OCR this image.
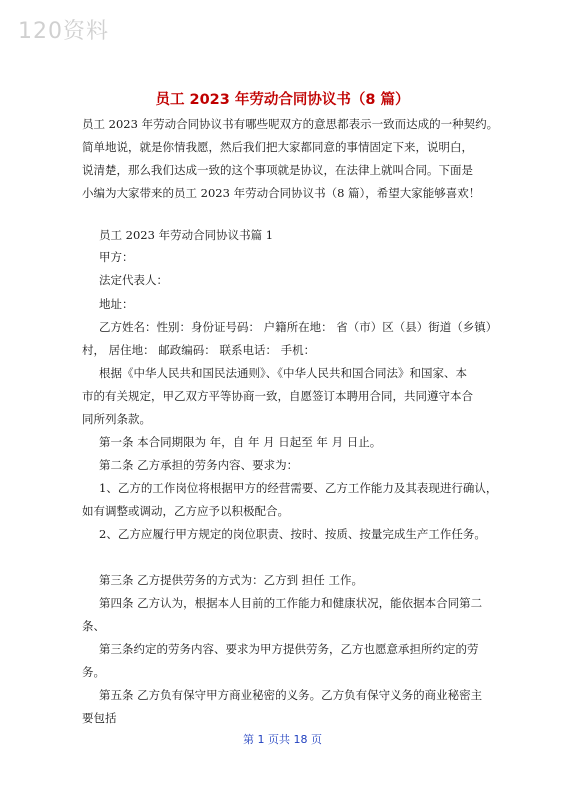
120资料
员工 2023 年劳动合同协议书（8 篇）
员工 2023 年劳动合同协议书有哪些呢双方的意思都表示一致而达成的一种契约。
简单地说，就是你情我愿，然后我们把大家都同意的事情固定下来，说明白，
说清楚，那么我们达成一致的这个事项就是协议，在法律上就叫合同。下面是
小编为大家带来的员工 2023 年劳动合同协议书（8 篇），希望大家能够喜欢！
员工 2023 年劳动合同协议书篇 1
甲方：
法定代表人：
地址：
乙方姓名：性别：身份证号码： 户籍所在地： 省（市）区（县）街道（乡镇）
村， 居住地： 邮政编码： 联系电话： 手机：
根据《中华人民共和国民法通则》、《中华人民共和国合同法》和国家、本
市的有关规定，甲乙双方平等协商一致，自愿签订本聘用合同，共同遵守本合
同所列条款。
第一条 本合同期限为 年，自 年 月 日起至 年 月 日止。
第二条 乙方承担的劳务内容、要求为：
1、乙方的工作岗位将根据甲方的经营需要、乙方工作能力及其表现进行确认，
如有调整或调动，乙方应予以积极配合。
2、乙方应履行甲方规定的岗位职责、按时、按质、按量完成生产工作任务。
第三条 乙方提供劳务的方式为：乙方到 担任 工作。
第四条 乙方认为，根据本人目前的工作能力和健康状况，能依据本合同第二
条、
第三条约定的劳务内容、要求为甲方提供劳务，乙方也愿意承担所约定的劳
务。
第五条 乙方负有保守甲方商业秘密的义务。乙方负有保守义务的商业秘密主
要包括
第 1 页共 18 页
